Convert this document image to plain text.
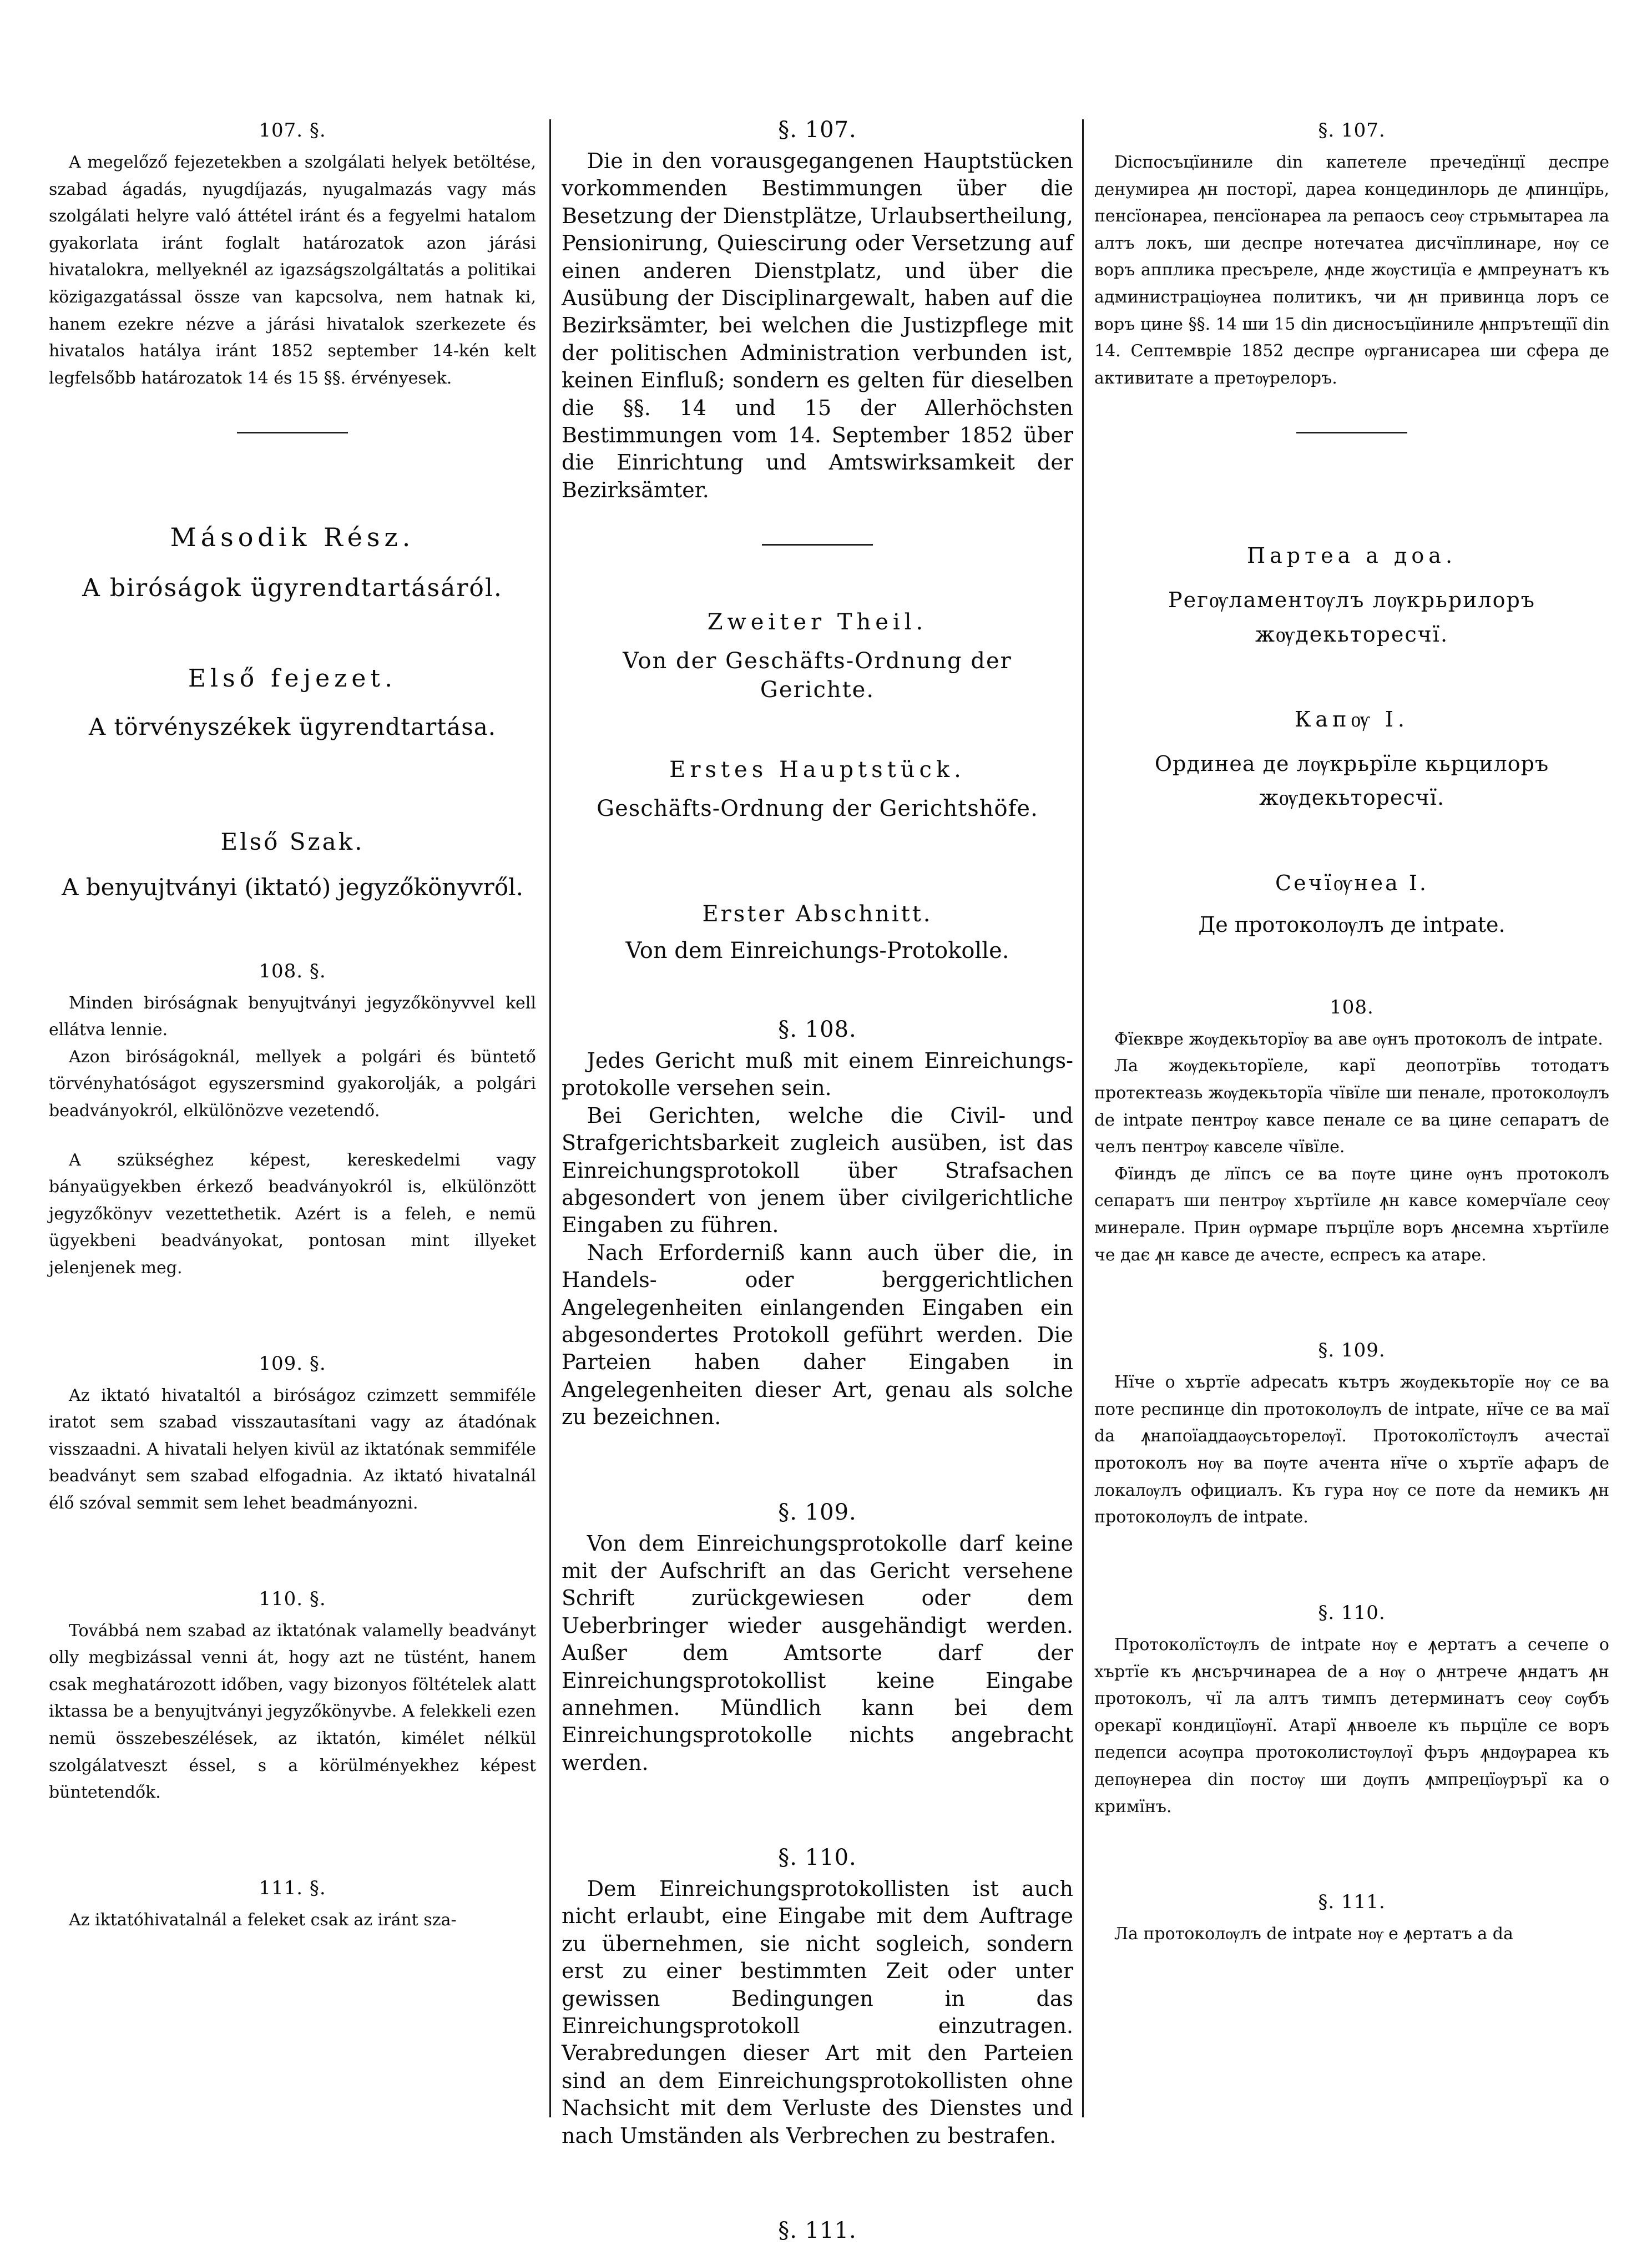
107. §.

A megelőző fejezetekben a szolgálati helyek betöltése, szabad ágadás, nyugdíjazás, nyugalmazás vagy más szolgálati helyre való áttétel iránt és a fegyelmi hatalom gyakorlata iránt foglalt határozatok azon járási hivatalokra, mellyeknél az igazságszolgáltatás a politikai közigazgatással össze van kapcsolva, nem hatnak ki, hanem ezekre nézve a járási hivatalok szerkezete és hivatalos hatálya iránt 1852 september 14-kén kelt legfelsőbb határozatok 14 és 15 §§. érvényesek.

Második Rész.
A biróságok ügyrendtartásáról.
Első fejezet.
A törvényszékek ügyrendtartása.
Első Szak.
A benyujtványi (iktató) jegyzőkönyvről.
108. §.

Minden biróságnak benyujtványi jegyzőkönyvvel kell ellátva lennie.

Azon biróságoknál, mellyek a polgári és büntető törvényhatóságot egyszersmind gyakorolják, a polgári beadványokról, elkülönözve vezetendő.

A szükséghez képest, kereskedelmi vagy bányaügyekben érkező beadványokról is, elkülönzött jegyzőkönyv vezettethetik. Azért is a feleh, e nemü ügyekbeni beadványokat, pontosan mint illyeket jelenjenek meg.

109. §.

Az iktató hivataltól a biróságoz czimzett semmiféle iratot sem szabad visszautasítani vagy az átadónak visszaadni. A hivatali helyen kivül az iktatónak semmiféle beadványt sem szabad elfogadnia. Az iktató hivatalnál élő szóval semmit sem lehet beadmányozni.

110. §.

Továbbá nem szabad az iktatónak valamelly beadványt olly megbizással venni át, hogy azt ne tüstént, hanem csak meghatározott időben, vagy bizonyos föltételek alatt iktassa be a benyujtványi jegyzőkönyvbe. A felekkeli ezen nemü összebeszélések, az iktatón, kimélet nélkül szolgálatveszt éssel, s a körülményekhez képest büntetendők.

111. §.

Az iktatóhivatalnál a feleket csak az iránt sza-

§. 107.

Die in den vorausgegangenen Hauptstücken vorkommenden Bestimmungen über die Besetzung der Dienstplätze, Urlaubsertheilung, Pensionirung, Quiescirung oder Versetzung auf einen anderen Dienstplatz, und über die Ausübung der Disciplinargewalt, haben auf die Bezirksämter, bei welchen die Justizpflege mit der politischen Administration verbunden ist, keinen Einfluß; sondern es gelten für dieselben die §§. 14 und 15 der Allerhöchsten Bestimmungen vom 14. September 1852 über die Einrichtung und Amtswirksamkeit der Bezirksämter.

Zweiter Theil.
Von der Geschäfts-Ordnung der Gerichte.
Erstes Hauptstück.
Geschäfts-Ordnung der Gerichtshöfe.
Erster Abschnitt.
Von dem Einreichungs-Protokolle.
§. 108.

Jedes Gericht muß mit einem Einreichungs-protokolle versehen sein.

Bei Gerichten, welche die Civil- und Strafgerichtsbarkeit zugleich ausüben, ist das Einreichungsprotokoll über Strafsachen abgesondert von jenem über civilgerichtliche Eingaben zu führen.

Nach Erforderniß kann auch über die, in Handels- oder berggerichtlichen Angelegenheiten einlangenden Eingaben ein abgesondertes Protokoll geführt werden. Die Parteien haben daher Eingaben in Angelegenheiten dieser Art, genau als solche zu bezeichnen.

§. 109.

Von dem Einreichungsprotokolle darf keine mit der Aufschrift an das Gericht versehene Schrift zurückgewiesen oder dem Ueberbringer wieder ausgehändigt werden. Außer dem Amtsorte darf der Einreichungsprotokollist keine Eingabe annehmen. Mündlich kann bei dem Einreichungsprotokolle nichts angebracht werden.

§. 110.

Dem Einreichungsprotokollisten ist auch nicht erlaubt, eine Eingabe mit dem Auftrage zu übernehmen, sie nicht sogleich, sondern erst zu einer bestimmten Zeit oder unter gewissen Bedingungen in das Einreichungsprotokoll einzutragen. Verabredungen dieser Art mit den Parteien sind an dem Einreichungsprotokollisten ohne Nachsicht mit dem Verluste des Dienstes und nach Umständen als Verbrechen zu bestrafen.

§. 111.
§. 107.

Dicпосъцїиниле din капетеле пречедїнцї деспре денумиреа ꙟн посторї, дареа концединлорь де ꙟпинцїрь, пенсїонареа, пенсїонареа ла репаосъ сеѹ стрьмытареа ла алтъ локъ, ши деспре нотечатеа дисчїплинаре, нѹ се воръ апплика пресъреле, ꙟнде жѹстицїа е ꙟмпреунатъ къ администраціѹнеа политикъ, чи ꙟн привинца лоръ се воръ цине §§. 14 ши 15 din дисносъцїиниле ꙟнпрътещїї din 14. Септемвріе 1852 деспре ѹрганисареа ши сфера де активитате а претѹрелоръ.

Партеа а доа.
Регѹламентѹлъ лѹкрьрилоръ жѹдекьторесчї.
Капѹ I.
Ординеа де лѹкрьрїле кьрцилоръ жѹдекьторесчї.
Сечїѹнеа I.
Де протоколѹлъ де intpate.
108.

Фїеквре жѹдекьторїѹ ва аве ѹнъ протоколъ de intpate.

Ла жѹдекьторїеле, карї деопотрївь тотодатъ протектеазь жѹдекьторїа чївїле ши пенале, протоколѹлъ de intpate пентрѹ кавсе пенале се ва цине сепаратъ de челъ пентрѹ кавселе чївїле.

Фїиндъ де лїпсъ се ва пѹте цине ѹнъ протоколъ сепаратъ ши пентрѹ хъртїиле ꙟн кавсе комерчїале сеѹ минерале. Прин ѹрмаре пърцїле воръ ꙟнсемна хъртїиле че дає ꙟн кавсе де ачесте, еспресъ ка атаре.

§. 109.

Нїче о хъртїе adpecatъ кътръ жѹдекьторїе нѹ се ва поте респинце din протоколѹлъ de intpate, нїче се ва маї da ꙟнапоїаддаѹсьторелѹї. Протоколїстѹлъ ачестаї протоколъ нѹ ва пѹте ачента нїче о хъртїе афаръ de локалѹлъ официалъ. Къ гура нѹ се поте da немикъ ꙟн протоколѹлъ de intpate.

§. 110.

Протоколїстѹлъ de intpate нѹ е ꙟертатъ а сечепе о хъртїе къ ꙟнсърчинареа de a нѹ o ꙟнтрече ꙟндатъ ꙟн протоколъ, чї ла алтъ тимпъ детерминатъ сеѹ сѹбъ орекарї кондицїѹнї. Атарї ꙟнвоеле къ пьрцїле се воръ педепси асѹпра протоколистѹлѹї фъръ ꙟндѹрареа къ депѹнереа din постѹ ши дѹпъ ꙟмпрецїѹрърї ка о кримїнъ.

§. 111.

Ла протоколѹлъ de intpate нѹ е ꙟертатъ a da
